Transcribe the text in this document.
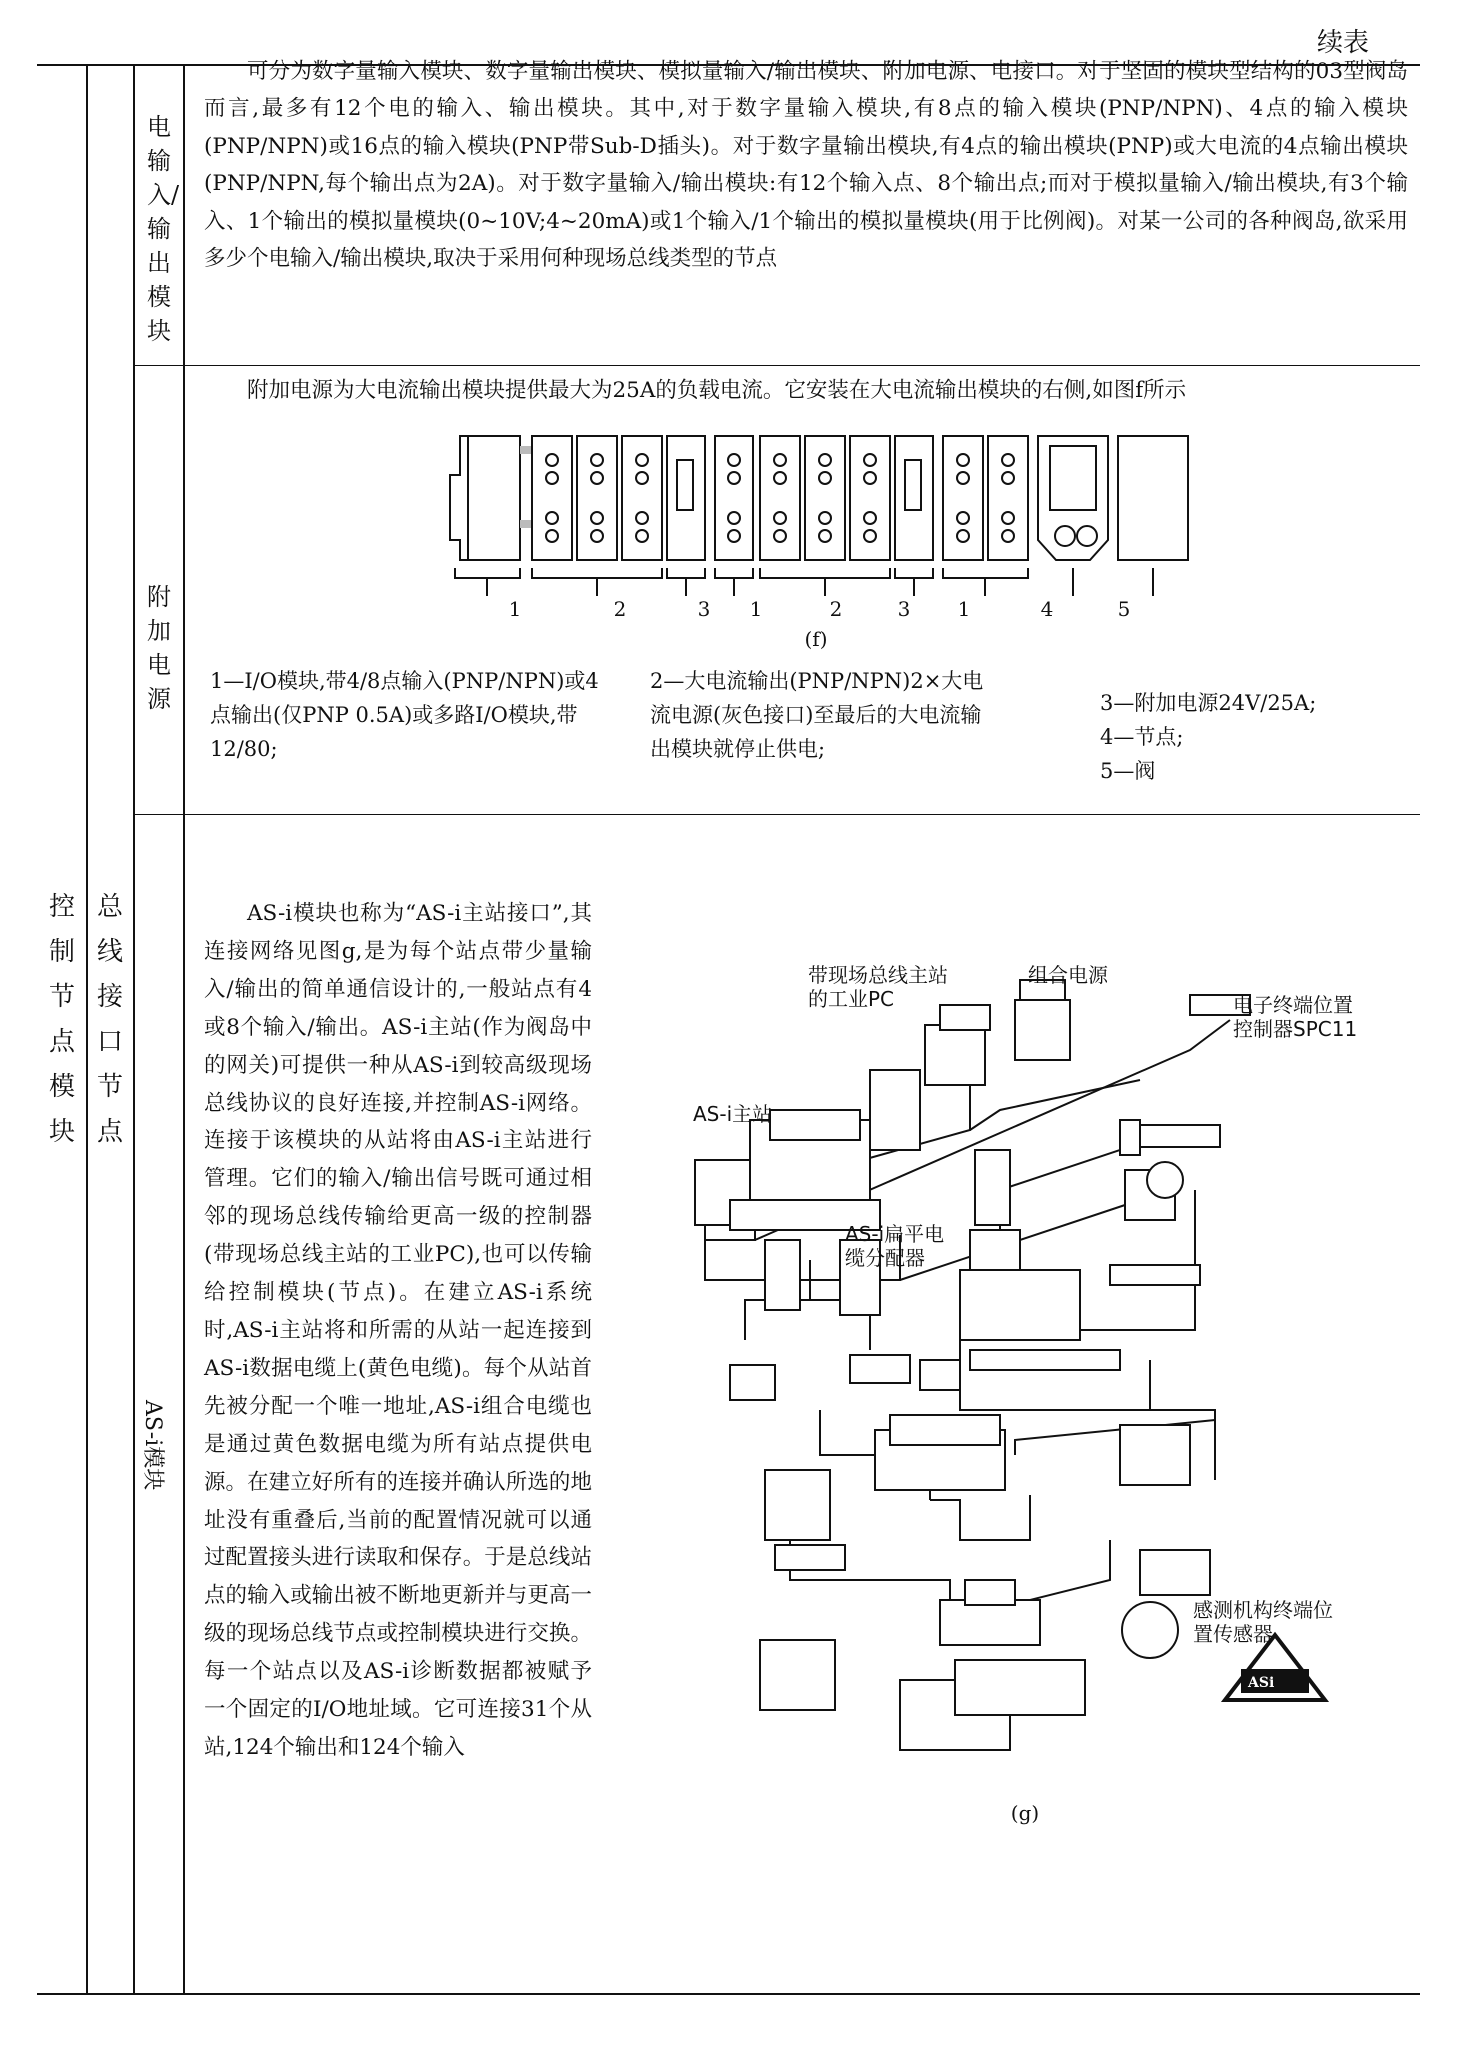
续表
控制节点模块
总线接口节点
电输入/输出模块
可分为数字量输入模块、数字量输出模块、模拟量输入/输出模块、附加电源、电接口。对于坚固的模块型结构的03型阀岛而言,最多有12个电的输入、输出模块。其中,对于数字量输入模块,有8点的输入模块(PNP/NPN)、4点的输入模块(PNP/NPN)或16点的输入模块(PNP带Sub-D插头)。对于数字量输出模块,有4点的输出模块(PNP)或大电流的4点输出模块(PNP/NPN,每个输出点为2A)。对于数字量输入/输出模块:有12个输入点、8个输出点;而对于模拟量输入/输出模块,有3个输入、1个输出的模拟量模块(0~10V;4~20mA)或1个输入/1个输出的模拟量模块(用于比例阀)。对某一公司的各种阀岛,欲采用多少个电输入/输出模块,取决于采用何种现场总线类型的节点
附加电源
附加电源为大电流输出模块提供最大为25A的负载电流。它安装在大电流输出模块的右侧,如图f所示
1	2	3 1	2	3 1	4	5
(f)
1—I/O模块,带4/8点输入(PNP/NPN)或4点输出(仅PNP 0.5A)或多路I/O模块,带12/80;
2—大电流输出(PNP/NPN)2×大电流电源(灰色接口)至最后的大电流输出模块就停止供电;
3—附加电源24V/25A;
4—节点;
5—阀
AS-i模块
AS-i模块也称为“AS-i主站接口”,其连接网络见图g,是为每个站点带少量输入/输出的简单通信设计的,一般站点有4或8个输入/输出。AS-i主站(作为阀岛中的网关)可提供一种从AS-i到较高级现场总线协议的良好连接,并控制AS-i网络。连接于该模块的从站将由AS-i主站进行管理。它们的输入/输出信号既可通过相邻的现场总线传输给更高一级的控制器(带现场总线主站的工业PC),也可以传输给控制模块(节点)。在建立AS-i系统时,AS-i主站将和所需的从站一起连接到AS-i数据电缆上(黄色电缆)。每个从站首先被分配一个唯一地址,AS-i组合电缆也是通过黄色数据电缆为所有站点提供电源。在建立好所有的连接并确认所选的地址没有重叠后,当前的配置情况就可以通过配置接头进行读取和保存。于是总线站点的输入或输出被不断地更新并与更高一级的现场总线节点或控制模块进行交换。每一个站点以及AS-i诊断数据都被赋予一个固定的I/O地址域。它可连接31个从站,124个输出和124个输入
ASi
(g)
带现场总线主站的工业PC
组合电源
电子终端位置控制器SPC11
AS-i主站
AS-i扁平电缆分配器
感测机构终端位置传感器
